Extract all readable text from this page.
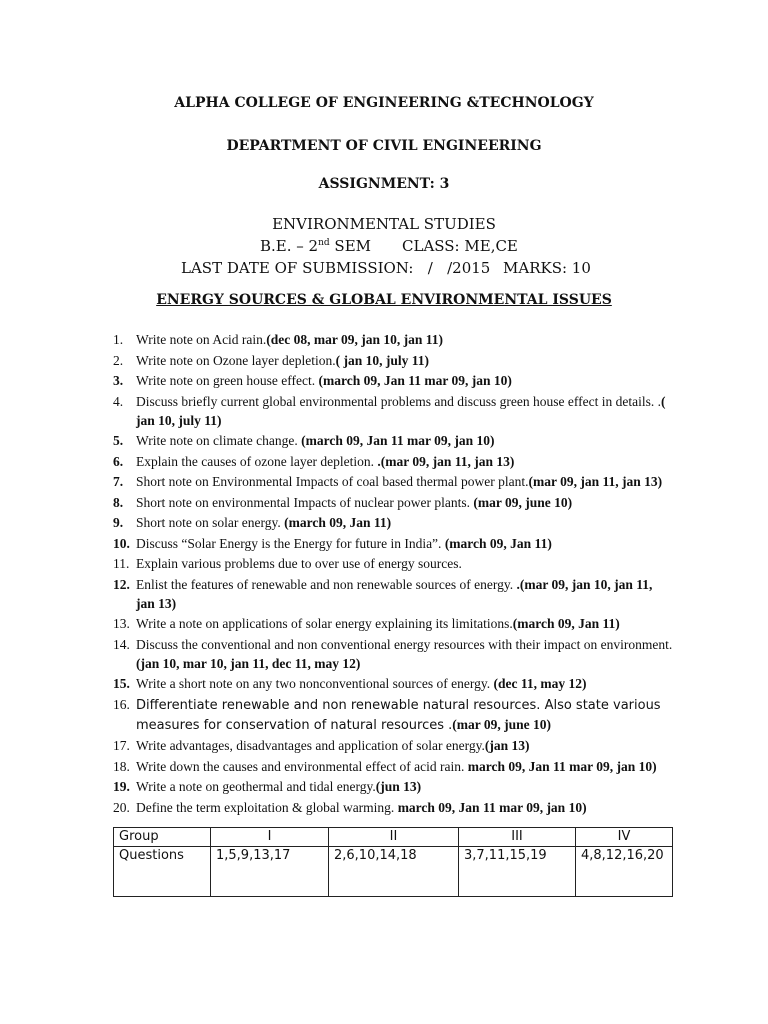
ALPHA COLLEGE OF ENGINEERING &TECHNOLOGY
DEPARTMENT OF CIVIL ENGINEERING
ASSIGNMENT: 3
ENVIRONMENTAL STUDIES
B.E. – 2nd SEM CLASS: ME,CE
LAST DATE OF SUBMISSION:   /   /2015 MARKS: 10
ENERGY SOURCES & GLOBAL ENVIRONMENTAL ISSUES
1. Write note on Acid rain.(dec 08, mar 09, jan 10, jan 11)
2. Write note on Ozone layer depletion.( jan 10, july 11)
3. Write note on green house effect. (march 09, Jan 11 mar 09, jan 10)
4. Discuss briefly current global environmental problems and discuss green house effect in details. .( jan 10, july 11)
5. Write note on climate change. (march 09, Jan 11 mar 09, jan 10)
6. Explain the causes of ozone layer depletion. .(mar 09, jan 11, jan 13)
7. Short note on Environmental Impacts of coal based thermal power plant.(mar 09, jan 11, jan 13)
8. Short note on environmental Impacts of nuclear power plants. (mar 09, june 10)
9. Short note on solar energy. (march 09, Jan 11)
10. Discuss “Solar Energy is the Energy for future in India”. (march 09, Jan 11)
11. Explain various problems due to over use of energy sources.
12. Enlist the features of renewable and non renewable sources of energy. .(mar 09, jan 10, jan 11, jan 13)
13. Write a note on applications of solar energy explaining its limitations.(march 09, Jan 11)
14. Discuss the conventional and non conventional energy resources with their impact on environment.(jan 10, mar 10, jan 11, dec 11, may 12)
15. Write a short note on any two nonconventional sources of energy. (dec 11, may 12)
16. Differentiate renewable and non renewable natural resources. Also state various measures for conservation of natural resources .(mar 09, june 10)
17. Write advantages, disadvantages and application of solar energy.(jan 13)
18. Write down the causes and environmental effect of acid rain. march 09, Jan 11 mar 09, jan 10)
19. Write a note on geothermal and tidal energy.(jun 13)
20. Define the term exploitation & global warming. march 09, Jan 11 mar 09, jan 10)
Group	I	II	III	IV
Questions	1,5,9,13,17	2,6,10,14,18	3,7,11,15,19	4,8,12,16,20
